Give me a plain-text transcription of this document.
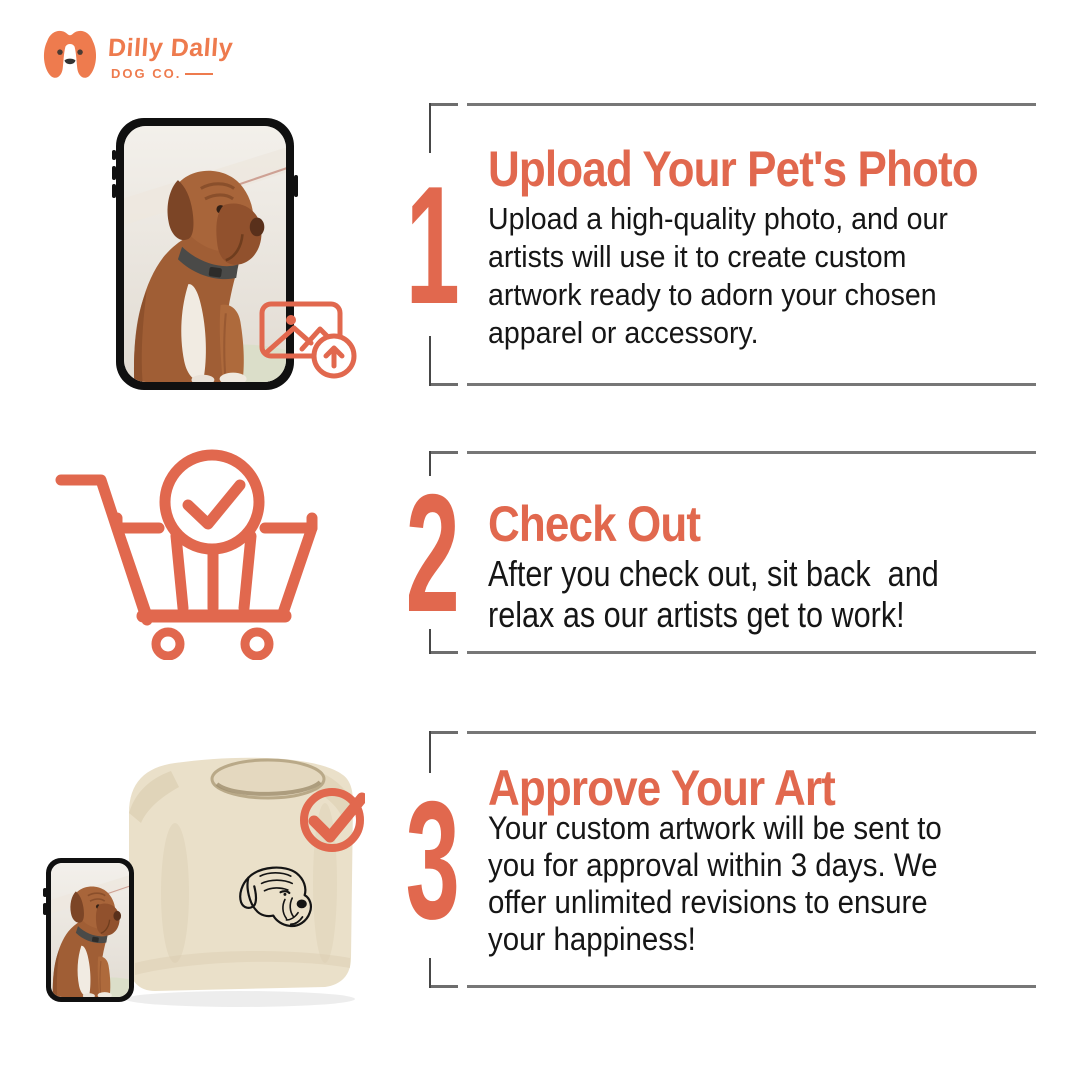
Dilly Dally
DOG CO.
1
2
3
Upload Your Pet's Photo
Upload a high-quality photo, and our
artists will use it to create custom
artwork ready to adorn your chosen
apparel or accessory.
Check Out
After you check out, sit back  and
relax as our artists get to work!
Approve Your Art
Your custom artwork will be sent to
you for approval within 3 days. We
offer unlimited revisions to ensure
your happiness!
